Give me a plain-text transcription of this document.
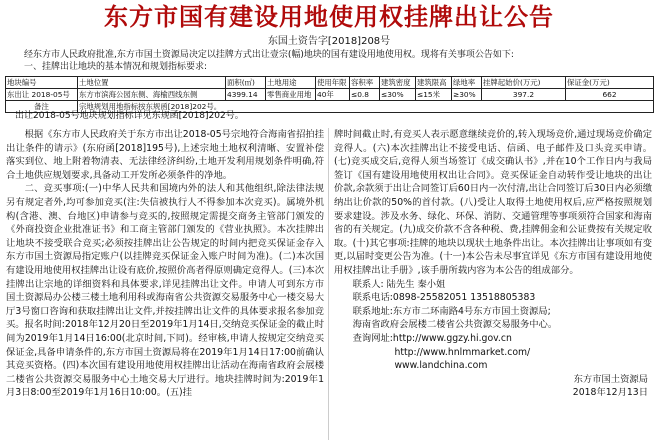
东方市国有建设用地使用权挂牌出让公告
东国土资告字[2018]208号
经东方市人民政府批准,东方市国土资源局决定以挂牌方式出让壹宗(幅)地块的国有建设用地使用权。现将有关事项公告如下:
一、挂牌出让地块的基本情况和规划指标要求:
地块编号	土地位置	面积(㎡)	土地用途	使用年限	容积率	建筑密度	建筑限高	绿地率	挂牌起始价(万元)	保证金(万元)
东出让 2018-05号	东方市滨海公园东侧、海榆西线东侧	4399.14	零售商业用地	40年	≤0.8	≤30%	≤15米	≥30%	397.2	662
备注	宗地规划用地指标按东规函[2018]202号。									
出让2018-05号地块规划指标详见东规函[2018]202号。

根据《东方市人民政府关于东方市出让2018-05号宗地符合海南省招拍挂出让条件的请示》(东府函[2018]195号),上述宗地土地权利清晰、安置补偿落实到位、地上附着物清表、无法律经济纠纷,土地开发利用规划条件明确,符合土地供应规划要求,具备动工开发所必须条件的净地。

二、竞买事项:(一)中华人民共和国境内外的法人和其他组织,除法律法规另有规定者外,均可参加竞买(注:失信被执行人不得参加本次竞买)。属境外机构(含港、澳、台地区)申请参与竞买的,按照规定需提交商务主管部门颁发的《外商投资企业批准证书》和工商主管部门颁发的《营业执照》。本次挂牌出让地块不接受联合竞买;必须按挂牌出让公告规定的时间内把竞买保证金存入东方市国土资源局指定账户(以挂牌竞买保证金入账户时间为准)。(二)本次国有建设用地使用权挂牌出让设有底价,按照价高者得原则确定竞得人。(三)本次挂牌出让宗地的详细资料和具体要求,详见挂牌出让文件。申请人可到东方市国土资源局办公楼三楼土地利用科或海南省公共资源交易服务中心一楼交易大厅3号窗口咨询和获取挂牌出让文件,并按挂牌出让文件的具体要求报名参加竞买。报名时间:2018年12月20日至2019年1月14日,交纳竞买保证金的截止时间为2019年1月14日16:00(北京时间,下同)。经审核,申请人按规定交纳竞买保证金,具备申请条件的,东方市国土资源局将在2019年1月14日17:00前确认其竞买资格。(四)本次国有建设用地使用权挂牌出让活动在海南省政府会展楼二楼省公共资源交易服务中心土地交易大厅进行。地块挂牌时间为:2019年1月3日8:00至2019年1月16日10:00。(五)挂

牌时间截止时,有竞买人表示愿意继续竞价的,转入现场竞价,通过现场竞价确定竞得人。(六)本次挂牌出让不接受电话、信函、电子邮件及口头竞买申请。(七)竞买成交后,竞得人须当场签订《成交确认书》,并在10个工作日内与我局签订《国有建设用地使用权出让合同》。竞买保证金自动转作受让地块的出让价款,余款须于出让合同签订后60日内一次付清,出让合同签订后30日内必须缴纳出让价款的50%的首付款。(八)受让人取得土地使用权后,应严格按照规划要求建设。涉及水务、绿化、环保、消防、交通管理等事项须符合国家和海南省的有关规定。(九)成交价款不含各种税、费,挂牌佣金和公证费按有关规定收取。(十)其它事项:挂牌的地块以现状土地条件出让。本次挂牌出让事项如有变更,以届时变更公告为准。(十一)本公告未尽事宜详见《东方市国有建设用地使用权挂牌出让手册》,该手册所载内容为本公告的组成部分。

联系人: 陆先生 秦小姐

联系电话:0898-25582051 13518805383

联系地址:东方市二环南路4号东方市国土资源局;

海南省政府会展楼二楼省公共资源交易服务中心。

查询网址:http://www.ggzy.hi.gov.cn

http://www.hnlmmarket.com/

www.landchina.com

东方市国土资源局

2018年12月13日
